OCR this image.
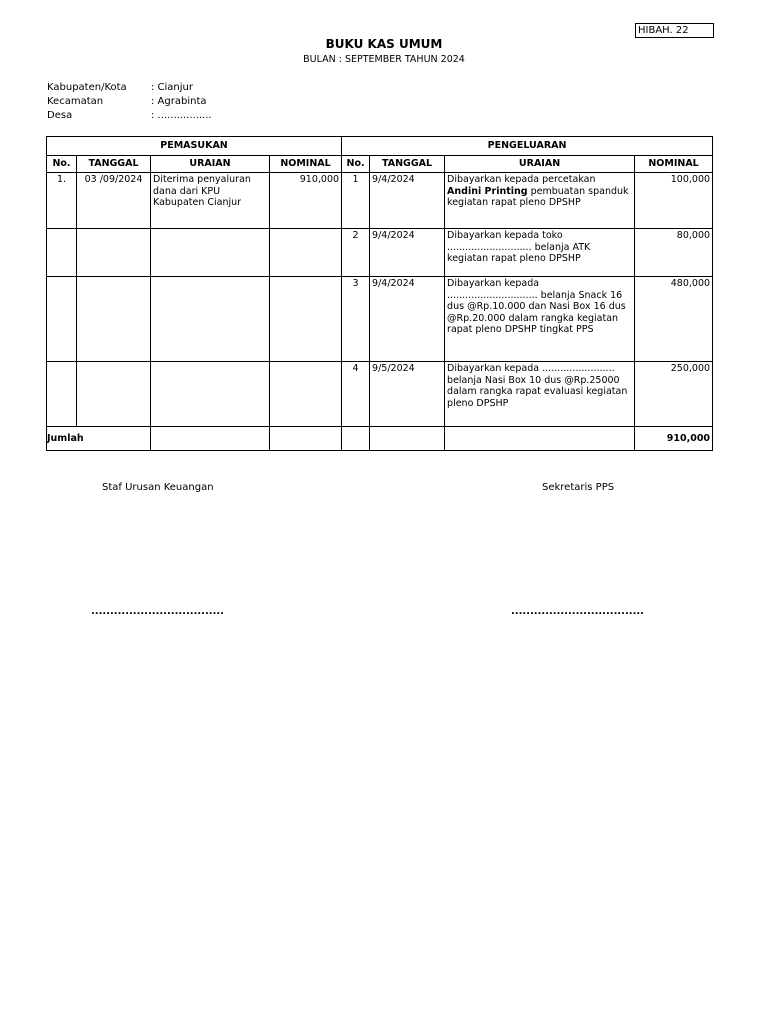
HIBAH. 22
BUKU KAS UMUM
BULAN : SEPTEMBER TAHUN 2024
Kabupaten/Kota	: Cianjur
Kecamatan	: Agrabinta
Desa	: .................
PEMASUKAN				PENGELUARAN			
No.	TANGGAL	URAIAN	NOMINAL	No.	TANGGAL	URAIAN	NOMINAL
1.	03 /09/2024	Diterima penyaluran dana dari KPU Kabupaten Cianjur	910,000	1	9/4/2024	Dibayarkan kepada percetakan Andini Printing pembuatan spanduk kegiatan rapat pleno DPSHP	100,000
				2	9/4/2024	Dibayarkan kepada toko ............................ belanja ATK kegiatan rapat pleno DPSHP	80,000
				3	9/4/2024	Dibayarkan kepada .............................. belanja Snack 16 dus @Rp.10.000 dan Nasi Box 16 dus @Rp.20.000 dalam rangka kegiatan rapat pleno DPSHP tingkat PPS	480,000
				4	9/5/2024	Dibayarkan kepada ........................ belanja Nasi Box 10 dus @Rp.25000 dalam rangka rapat evaluasi kegiatan pleno DPSHP	250,000
Jumlah							910,000
Staf Urusan Keuangan	Sekretaris PPS
...................................	...................................
